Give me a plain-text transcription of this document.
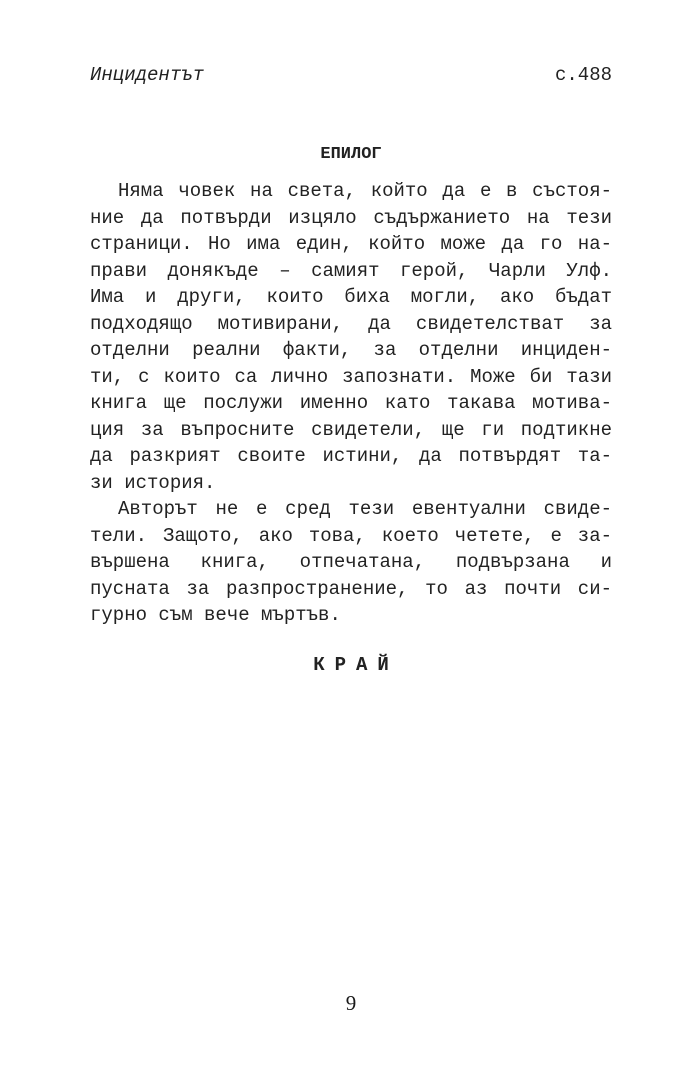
Инцидентът	с.488
ЕПИЛОГ
Няма човек на света, който да е в състоя-
ние да потвърди изцяло съдържанието на тези
страници. Но има един, който може да го на-
прави донякъде – самият герой, Чарли Улф.
Има и други, които биха могли, ако бъдат
подходящо мотивирани, да свидетелстват за
отделни реални факти, за отделни инциден-
ти, с които са лично запознати. Може би тази
книга ще послужи именно като такава мотива-
ция за въпросните свидетели, ще ги подтикне
да разкрият своите истини, да потвърдят та-
зи история.
Авторът не е сред тези евентуални свиде-
тели. Защото, ако това, което четете, е за-
вършена книга, отпечатана, подвързана и
пусната за разпространение, то аз почти си-
гурно съм вече мъртъв.
КРАЙ
9
